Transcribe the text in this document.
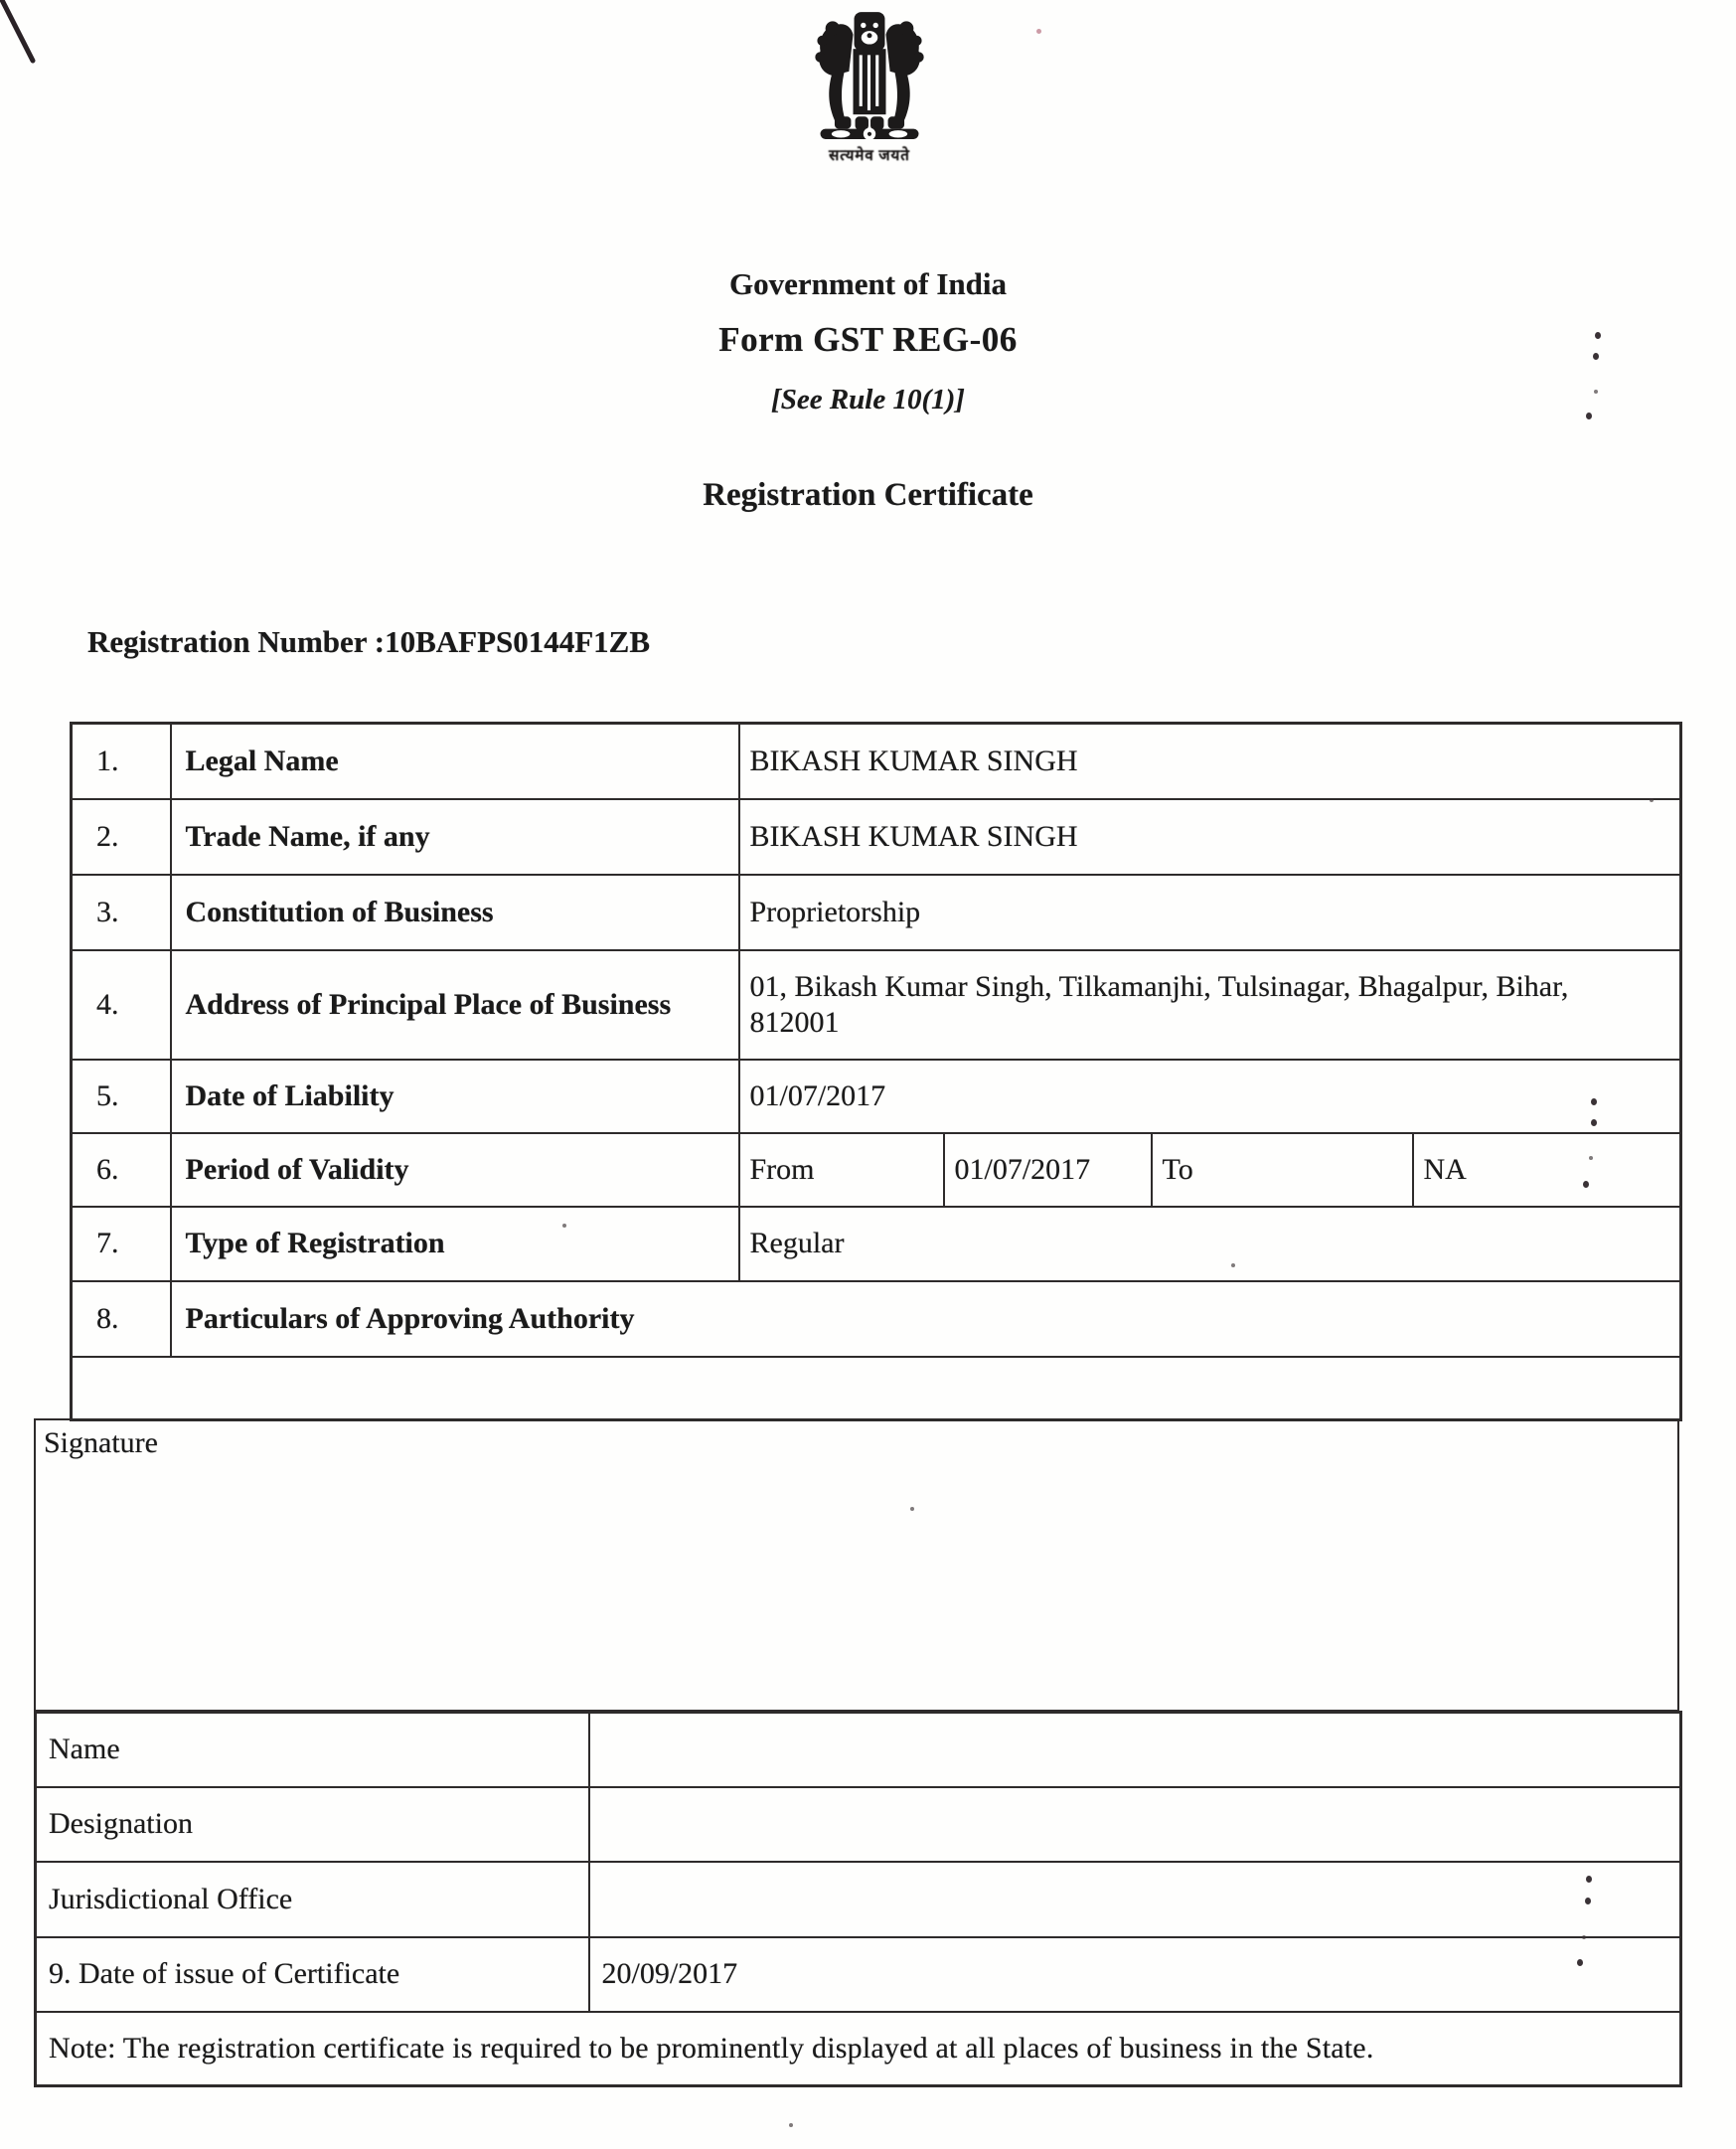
सत्यमेव जयते
Government of India
Form GST REG-06
[See Rule 10(1)]
Registration Certificate
Registration Number :10BAFPS0144F1ZB
1.	Legal Name	BIKASH KUMAR SINGH			
2.	Trade Name, if any	BIKASH KUMAR SINGH			
3.	Constitution of Business	Proprietorship			
4.	Address of Principal Place of Business	01, Bikash Kumar Singh, Tilkamanjhi, Tulsinagar, Bhagalpur, Bihar, 812001			

5.	Date of Liability	01/07/2017			
6.	Period of Validity	From	01/07/2017	To	NA
7.	Type of Registration	Regular			
8.	Particulars of Approving Authority				

Signature
Name	
Designation	
Jurisdictional Office	
9. Date of issue of Certificate	20/09/2017
Note: The registration certificate is required to be prominently displayed at all places of business in the State.	
